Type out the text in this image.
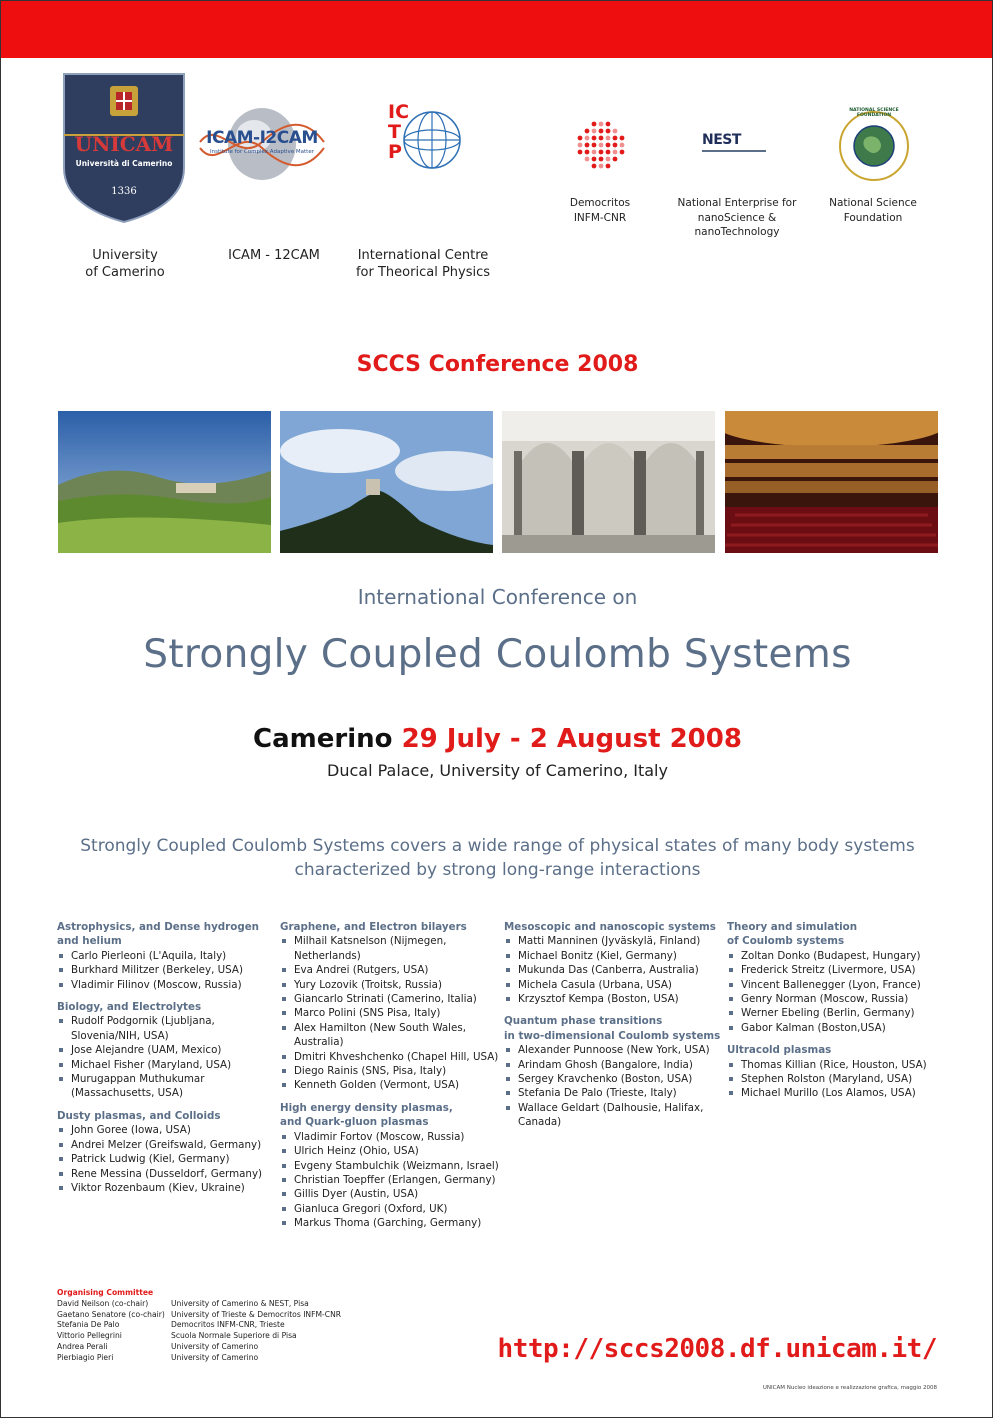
UNICAM
Università di Camerino
1336
University
of Camerino
ICAM-I2CAM
Institute for Complex Adaptive Matter
ICAM - 12CAM
ICTP
International Centre
for Theorical Physics
Democritos
INFM-CNR
NEST
National Enterprise for
nanoScience &
nanoTechnology
NATIONAL SCIENCE FOUNDATION
National Science
Foundation
SCCS Conference 2008
International Conference on
Strongly Coupled Coulomb Systems
Camerino 29 July - 2 August 2008
Ducal Palace, University of Camerino, Italy
Strongly Coupled Coulomb Systems covers a wide range of physical states of many body systems characterized by strong long-range interactions
Astrophysics, and Dense hydrogen
and helium
Carlo Pierleoni (L'Aquila, Italy)
Burkhard Militzer (Berkeley, USA)
Vladimir Filinov (Moscow, Russia)
Biology, and Electrolytes
Rudolf Podgornik (Ljubljana, Slovenia/NIH, USA)
Jose Alejandre (UAM, Mexico)
Michael Fisher (Maryland, USA)
Murugappan Muthukumar (Massachusetts, USA)
Dusty plasmas, and Colloids
John Goree (Iowa, USA)
Andrei Melzer (Greifswald, Germany)
Patrick Ludwig (Kiel, Germany)
Rene Messina (Dusseldorf, Germany)
Viktor Rozenbaum (Kiev, Ukraine)
Graphene, and Electron bilayers
Milhail Katsnelson (Nijmegen, Netherlands)
Eva Andrei (Rutgers, USA)
Yury Lozovik (Troitsk, Russia)
Giancarlo Strinati (Camerino, Italia)
Marco Polini (SNS Pisa, Italy)
Alex Hamilton (New South Wales, Australia)
Dmitri Khveshchenko (Chapel Hill, USA)
Diego Rainis (SNS, Pisa, Italy)
Kenneth Golden (Vermont, USA)
High energy density plasmas,
and Quark-gluon plasmas
Vladimir Fortov (Moscow, Russia)
Ulrich Heinz (Ohio, USA)
Evgeny Stambulchik (Weizmann, Israel)
Christian Toepffer (Erlangen, Germany)
Gillis Dyer (Austin, USA)
Gianluca Gregori (Oxford, UK)
Markus Thoma (Garching, Germany)
Mesoscopic and nanoscopic systems
Matti Manninen (Jyväskylä, Finland)
Michael Bonitz (Kiel, Germany)
Mukunda Das (Canberra, Australia)
Michela Casula (Urbana, USA)
Krzysztof Kempa (Boston, USA)
Quantum phase transitions
in two-dimensional Coulomb systems
Alexander Punnoose (New York, USA)
Arindam Ghosh (Bangalore, India)
Sergey Kravchenko (Boston, USA)
Stefania De Palo (Trieste, Italy)
Wallace Geldart (Dalhousie, Halifax, Canada)
Theory and simulation
of Coulomb systems
Zoltan Donko (Budapest, Hungary)
Frederick Streitz (Livermore, USA)
Vincent Ballenegger (Lyon, France)
Genry Norman (Moscow, Russia)
Werner Ebeling (Berlin, Germany)
Gabor Kalman (Boston,USA)
Ultracold plasmas
Thomas Killian (Rice, Houston, USA)
Stephen Rolston (Maryland, USA)
Michael Murillo (Los Alamos, USA)
Organising Committee
David Neilson (co-chair)	University of Camerino & NEST, Pisa
Gaetano Senatore (co-chair)	University of Trieste & Democritos INFM-CNR
Stefania De Palo	Democritos INFM-CNR, Trieste
Vittorio Pellegrini	Scuola Normale Superiore di Pisa
Andrea Perali	University of Camerino
Pierbiagio Pieri	University of Camerino	http://sccs2008.df.unicam.it/
UNICAM Nucleo ideazione e realizzazione grafica, maggio 2008
